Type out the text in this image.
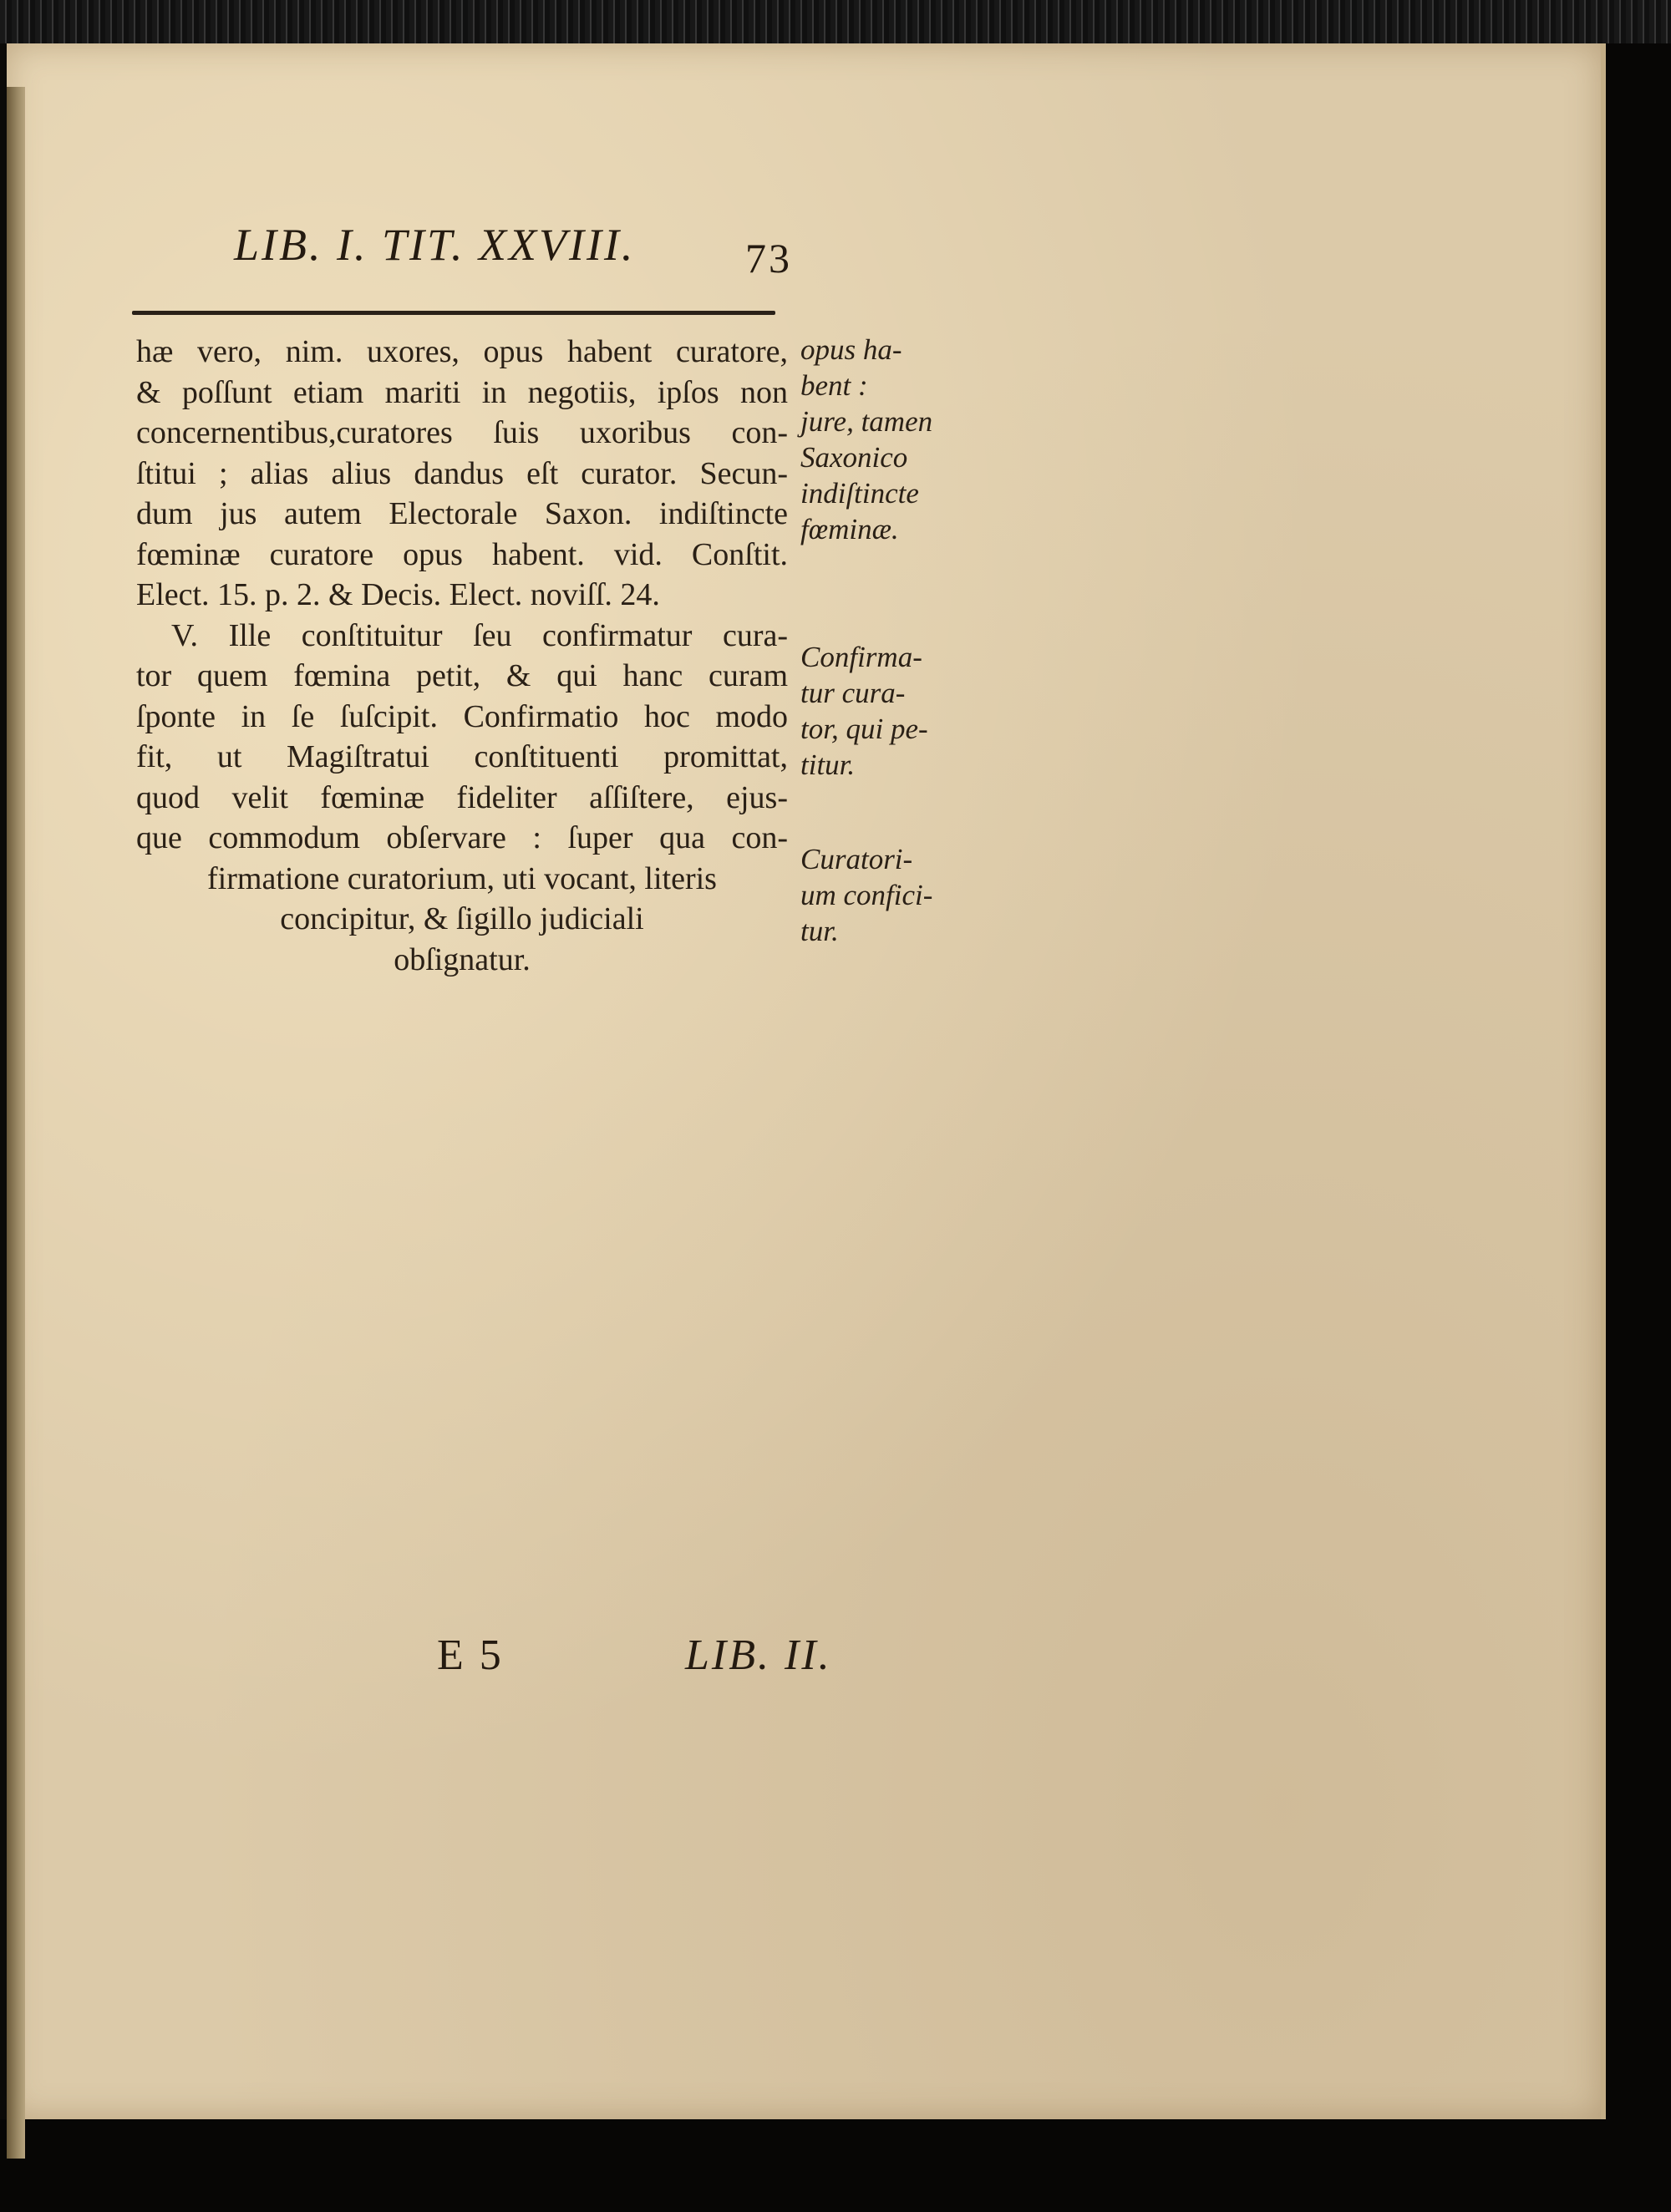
LIB. I. TIT. XXVIII.	73
hæ vero, nim. uxores, opus habent curatore,
& poſſunt etiam mariti in negotiis, ipſos non
concernentibus,curatores ſuis uxoribus con-
ſtitui ; alias alius dandus eſt curator. Secun-
dum jus autem Electorale Saxon. indiſtincte
fœminæ curatore opus habent. vid. Conſtit.
Elect. 15. p. 2. & Decis. Elect. noviſſ. 24.
V. Ille conſtituitur ſeu confirmatur cura-
tor quem fœmina petit, & qui hanc curam
ſponte in ſe ſuſcipit. Confirmatio hoc modo
fit, ut Magiſtratui conſtituenti promittat,
quod velit fœminæ fideliter aſſiſtere, ejus-
que commodum obſervare : ſuper qua con-
firmatione curatorium, uti vocant, literis
concipitur, & ſigillo judiciali
obſignatur.
opus ha-
bent :
jure, tamen
Saxonico
indiſtincte
fœminæ.
Confirma-
tur cura-
tor, qui pe-
titur.
Curatori-
um confici-
tur.
E 5	LIB. II.
